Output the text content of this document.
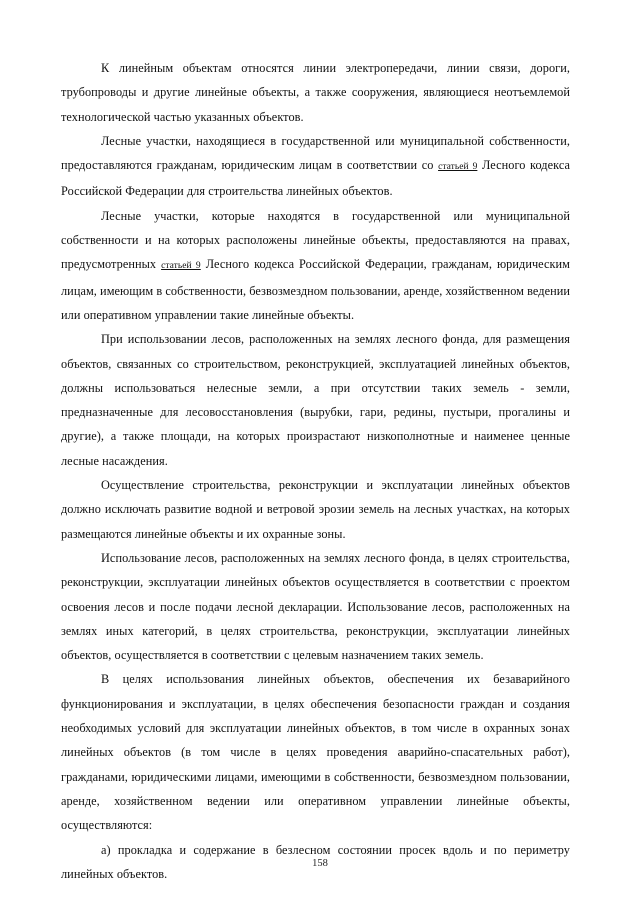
К линейным объектам относятся линии электропередачи, линии связи, дороги, трубопроводы и другие линейные объекты, а также сооружения, являющиеся неотъемлемой технологической частью указанных объектов.

Лесные участки, находящиеся в государственной или муниципальной собственности, предоставляются гражданам, юридическим лицам в соответствии со статьей 9 Лесного кодекса Российской Федерации для строительства линейных объектов.

Лесные участки, которые находятся в государственной или муниципальной собственности и на которых расположены линейные объекты, предоставляются на правах, предусмотренных статьей 9 Лесного кодекса Российской Федерации, гражданам, юридическим лицам, имеющим в собственности, безвозмездном пользовании, аренде, хозяйственном ведении или оперативном управлении такие линейные объекты.

При использовании лесов, расположенных на землях лесного фонда, для размещения объектов, связанных со строительством, реконструкцией, эксплуатацией линейных объектов, должны использоваться нелесные земли, а при отсутствии таких земель - земли, предназначенные для лесовосстановления (вырубки, гари, редины, пустыри, прогалины и другие), а также площади, на которых произрастают низкополнотные и наименее ценные лесные насаждения.

Осуществление строительства, реконструкции и эксплуатации линейных объектов должно исключать развитие водной и ветровой эрозии земель на лесных участках, на которых размещаются линейные объекты и их охранные зоны.

Использование лесов, расположенных на землях лесного фонда, в целях строительства, реконструкции, эксплуатации линейных объектов осуществляется в соответствии с проектом освоения лесов и после подачи лесной декларации. Использование лесов, расположенных на землях иных категорий, в целях строительства, реконструкции, эксплуатации линейных объектов, осуществляется в соответствии с целевым назначением таких земель.

В целях использования линейных объектов, обеспечения их безаварийного функционирования и эксплуатации, в целях обеспечения безопасности граждан и создания необходимых условий для эксплуатации линейных объектов, в том числе в охранных зонах линейных объектов (в том числе в целях проведения аварийно-спасательных работ), гражданами, юридическими лицами, имеющими в собственности, безвозмездном пользовании, аренде, хозяйственном ведении или оперативном управлении линейные объекты, осуществляются:

а) прокладка и содержание в безлесном состоянии просек вдоль и по периметру линейных объектов.

158
